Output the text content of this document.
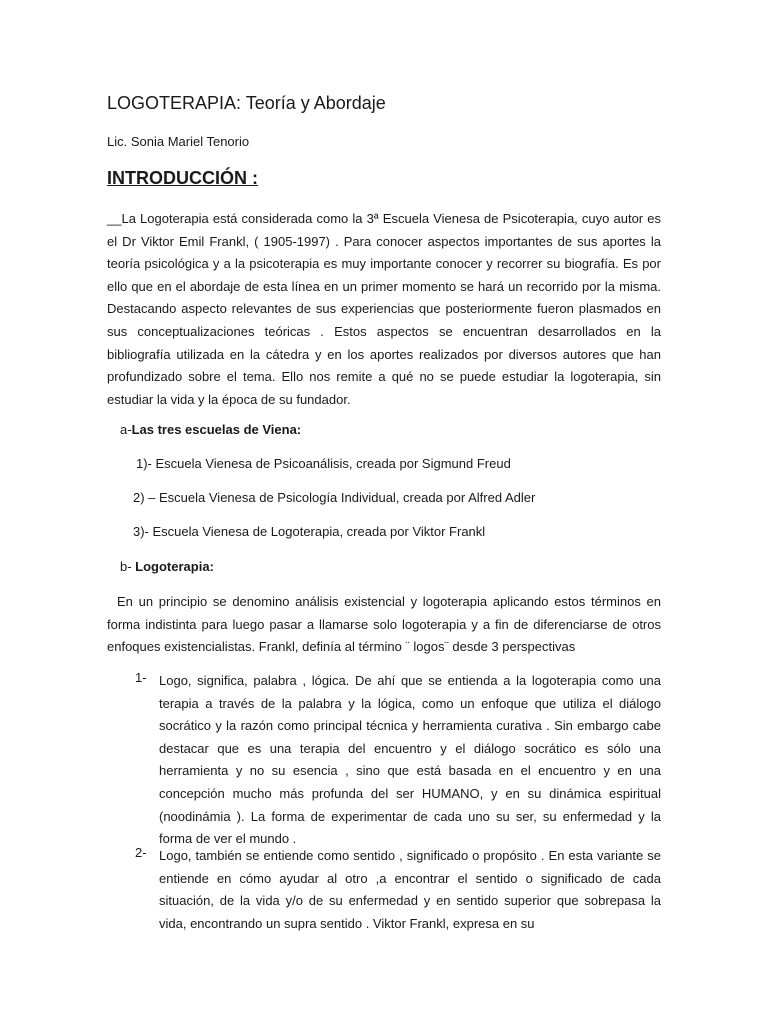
LOGOTERAPIA: Teoría y Abordaje

Lic. Sonia Mariel Tenorio

INTRODUCCIÓN :

__La Logoterapia está considerada como la 3ª Escuela Vienesa de Psicoterapia, cuyo autor es el Dr Viktor Emil Frankl, ( 1905-1997) . Para conocer aspectos importantes de sus aportes la teoría psicológica y a la psicoterapia es muy importante conocer y recorrer su biografía. Es por ello que en el abordaje de esta línea en un primer momento se hará un recorrido por la misma. Destacando aspecto relevantes de sus experiencias que posteriormente fueron plasmados en sus conceptualizaciones teóricas . Estos aspectos se encuentran desarrollados en la bibliografía utilizada en la cátedra y en los aportes realizados por diversos autores que han profundizado sobre el tema. Ello nos remite a qué no se puede estudiar la logoterapia, sin estudiar la vida y la época de su fundador.

a-Las tres escuelas de Viena:

1)- Escuela Vienesa de Psicoanálisis, creada por Sigmund Freud

2) – Escuela Vienesa de Psicología Individual, creada por Alfred Adler

3)- Escuela Vienesa de Logoterapia, creada por Viktor Frankl

b- Logoterapia:

En un principio se denomino análisis existencial y logoterapia aplicando estos términos en forma indistinta para luego pasar a llamarse solo logoterapia y a fin de diferenciarse de otros enfoques existencialistas. Frankl, definía al término ¨ logos¨ desde 3 perspectivas

1- Logo, significa, palabra , lógica. De ahí que se entienda a la logoterapia como una terapia a través de la palabra y la lógica, como un enfoque que utiliza el diálogo socrático y la razón como principal técnica y herramienta curativa . Sin embargo cabe destacar que es una terapia del encuentro y el diálogo socrático es sólo una herramienta y no su esencia , sino que está basada en el encuentro y en una concepción mucho más profunda del ser HUMANO, y en su dinámica espiritual (noodinámia ). La forma de experimentar de cada uno su ser, su enfermedad y la forma de ver el mundo .

2- Logo, también se entiende como sentido , significado o propósito . En esta variante se entiende en cómo ayudar al otro ,a encontrar el sentido o significado de cada situación, de la vida y/o de su enfermedad y en sentido superior que sobrepasa la vida, encontrando un supra sentido . Viktor Frankl, expresa en su
